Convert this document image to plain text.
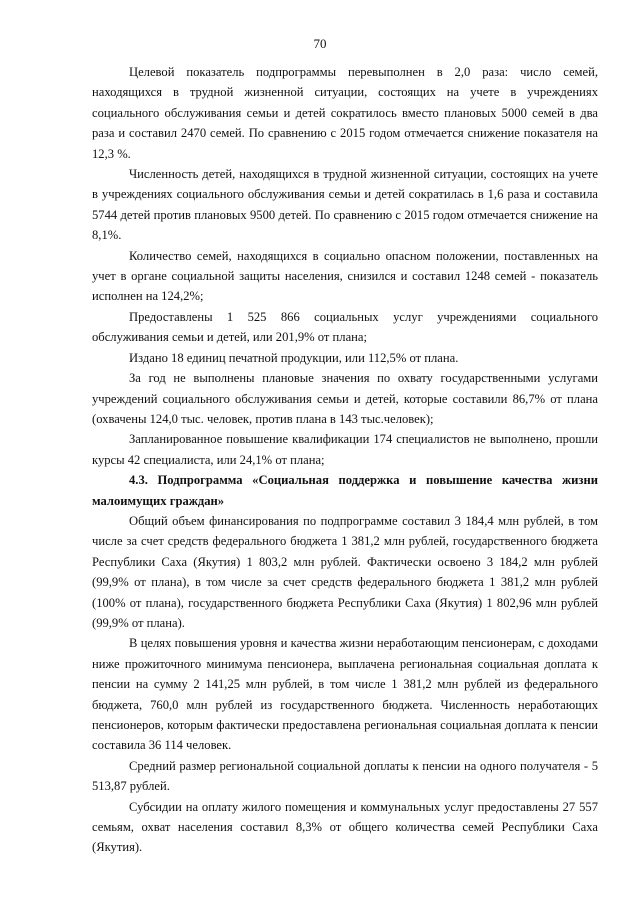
70

Целевой показатель подпрограммы перевыполнен в 2,0 раза: число семей, находящихся в трудной жизненной ситуации, состоящих на учете в учреждениях социального обслуживания семьи и детей сократилось вместо плановых 5000 семей в два раза и составил 2470 семей. По сравнению с 2015 годом отмечается снижение показателя на 12,3 %.

Численность детей, находящихся в трудной жизненной ситуации, состоящих на учете в учреждениях социального обслуживания семьи и детей сократилась в 1,6 раза и составила 5744 детей против плановых 9500 детей. По сравнению с 2015 годом отмечается снижение на 8,1%.

Количество семей, находящихся в социально опасном положении, поставленных на учет в органе социальной защиты населения, снизился и составил 1248 семей - показатель исполнен на 124,2%;

Предоставлены 1 525 866 социальных услуг учреждениями социального обслуживания семьи и детей, или 201,9% от плана;

Издано 18 единиц печатной продукции, или 112,5% от плана.

За год не выполнены плановые значения по охвату государственными услугами учреждений социального обслуживания семьи и детей, которые составили 86,7% от плана (охвачены 124,0 тыс. человек, против плана в 143 тыс.человек);

Запланированное повышение квалификации 174 специалистов не выполнено, прошли курсы 42 специалиста, или 24,1% от плана;

4.3. Подпрограмма «Социальная поддержка и повышение качества жизни малоимущих граждан»

Общий объем финансирования по подпрограмме составил 3 184,4 млн рублей, в том числе за счет средств федерального бюджета 1 381,2 млн рублей, государственного бюджета Республики Саха (Якутия) 1 803,2 млн рублей. Фактически освоено 3 184,2 млн рублей (99,9% от плана), в том числе за счет средств федерального бюджета 1 381,2 млн рублей (100% от плана), государственного бюджета Республики Саха (Якутия) 1 802,96 млн рублей (99,9% от плана).

В целях повышения уровня и качества жизни неработающим пенсионерам, с доходами ниже прожиточного минимума пенсионера, выплачена региональная социальная доплата к пенсии на сумму 2 141,25 млн рублей, в том числе 1 381,2 млн рублей из федерального бюджета, 760,0 млн рублей из государственного бюджета. Численность неработающих пенсионеров, которым фактически предоставлена региональная социальная доплата к пенсии составила 36 114 человек.

Средний размер региональной социальной доплаты к пенсии на одного получателя - 5 513,87 рублей.

Субсидии на оплату жилого помещения и коммунальных услуг предоставлены 27 557 семьям, охват населения составил 8,3% от общего количества семей Республики Саха (Якутия).
